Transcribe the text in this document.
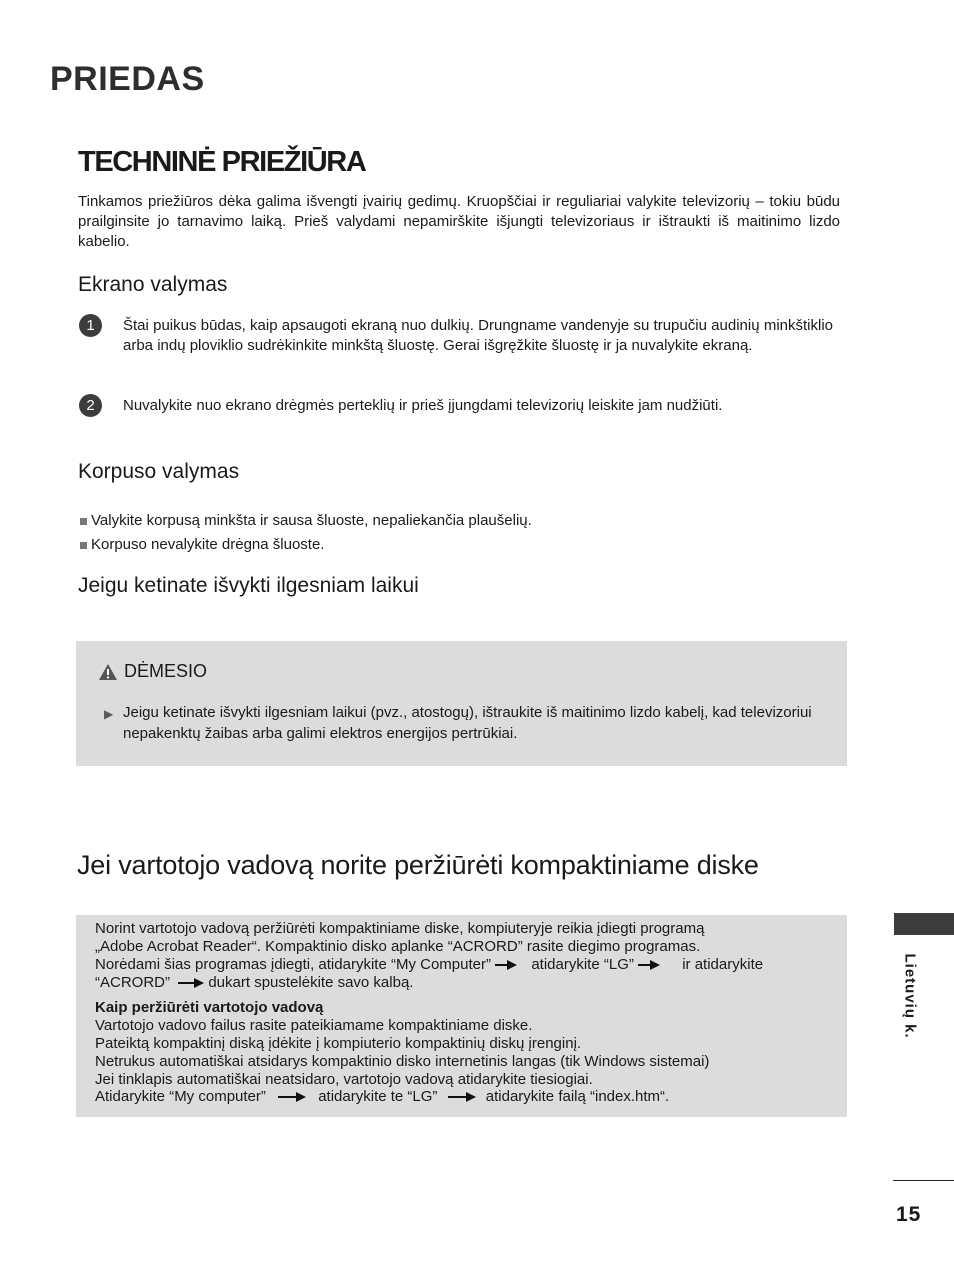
PRIEDAS
TECHNINĖ PRIEŽIŪRA

Tinkamos priežiūros dėka galima išvengti įvairių gedimų. Kruopščiai ir reguliariai valykite televizorių – tokiu būdu prailginsite jo tarnavimo laiką. Prieš valydami nepamirškite išjungti televizoriaus ir ištraukti iš maitinimo lizdo kabelio.

Ekrano valymas
1	Štai puikus būdas, kaip apsaugoti ekraną nuo dulkių. Drungname vandenyje su trupučiu audinių minkštiklio arba indų ploviklio sudrėkinkite minkštą šluostę. Gerai išgręžkite šluostę ir ja nuvalykite ekraną.

2	Nuvalykite nuo ekrano drėgmės perteklių ir prieš įjungdami televizorių leiskite jam nudžiūti.

Korpuso valymas
Valykite korpusą minkšta ir sausa šluoste, nepaliekančia plaušelių.
Korpuso nevalykite drėgna šluoste.
Jeigu ketinate išvykti ilgesniam laikui
DĖMESIO
▶ Jeigu ketinate išvykti ilgesniam laikui (pvz., atostogų), ištraukite iš maitinimo lizdo kabelį, kad televizoriui nepakenktų žaibas arba galimi elektros energijos pertrūkiai.

Jei vartotojo vadovą norite peržiūrėti kompaktiniame diske
Norint vartotojo vadovą peržiūrėti kompaktiniame diske, kompiuteryje reikia įdiegti programą
„Adobe Acrobat Reader“. Kompaktinio disko aplanke “ACRORD” rasite diegimo programas.
Norėdami šias programas įdiegti, atidarykite “My Computer”	atidarykite “LG”	ir atidarykite
“ACRORD”	dukart spustelėkite savo kalbą.
Kaip peržiūrėti vartotojo vadovą
Vartotojo vadovo failus rasite pateikiamame kompaktiniame diske.
Pateiktą kompaktinį diską įdėkite į kompiuterio kompaktinių diskų įrenginį.
Netrukus automatiškai atsidarys kompaktinio disko internetinis langas (tik Windows sistemai)
Jei tinklapis automatiškai neatsidaro, vartotojo vadovą atidarykite tiesiogiai.
Atidarykite “My computer”	atidarykite te “LG”	atidarykite failą “index.htm“.
Lietuvių k.
15
